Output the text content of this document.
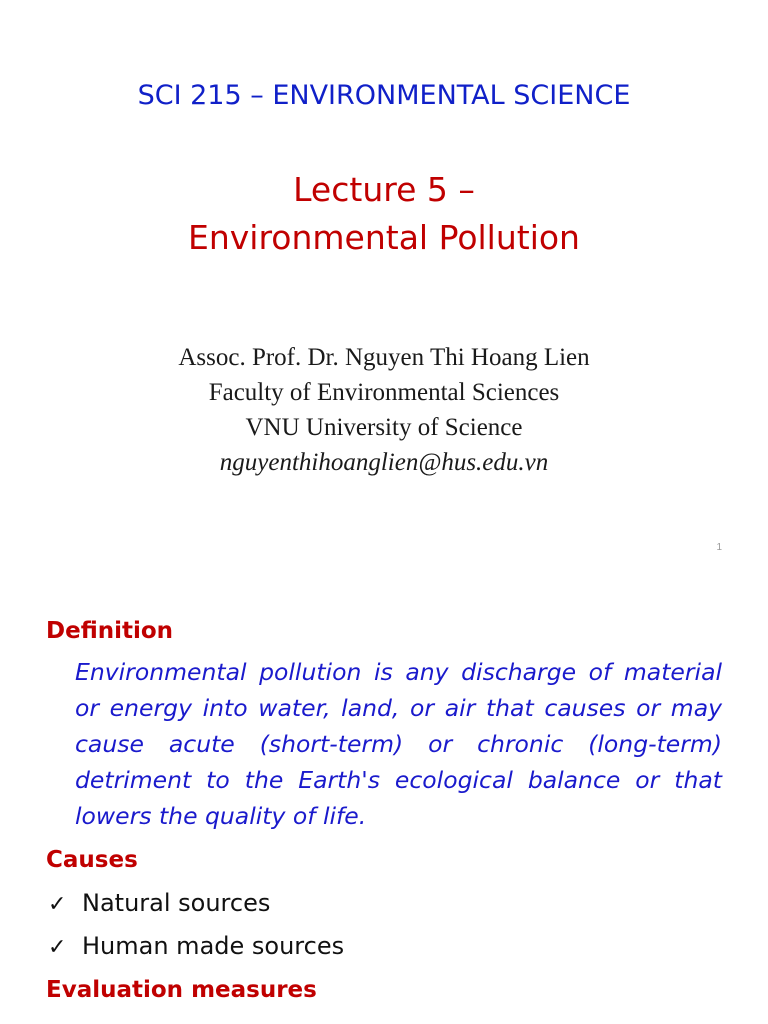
SCI 215 – ENVIRONMENTAL SCIENCE
Lecture 5 –
Environmental Pollution
Assoc. Prof. Dr. Nguyen Thi Hoang Lien
Faculty of Environmental Sciences
VNU University of Science
nguyenthihoanglien@hus.edu.vn
1
Definition
Environmental pollution is any discharge of material or energy into water, land, or air that causes or may cause acute (short-term) or chronic (long-term) detriment to the Earth's ecological balance or that lowers the quality of life.
Causes
✓ Natural sources
✓ Human made sources
Evaluation measures
